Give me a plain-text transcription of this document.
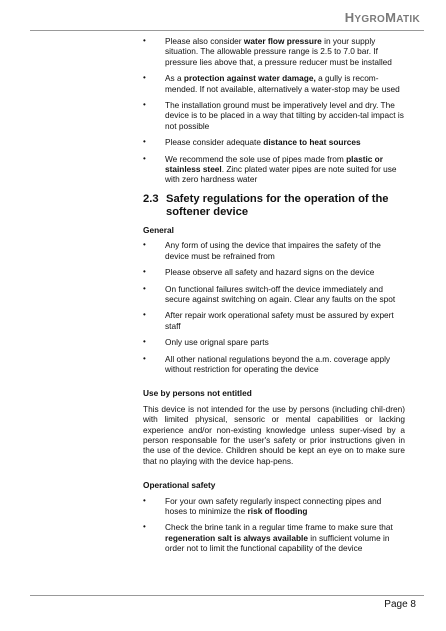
HYGROMATIK
• Please also consider water flow pressure in your supply situation. The allowable pressure range is 2.5 to 7.0 bar. If pressure lies above that, a pressure reducer must be installed
• As a protection against water damage, a gully is recom-mended. If not available, alternatively a water-stop may be used
• The installation ground must be imperatively level and dry. The device is to be placed in a way that tilting by acciden-tal impact is not possible
• Please consider adequate distance to heat sources
• We recommend the sole use of pipes made from plastic or stainless steel. Zinc plated water pipes are note suited for use with zero hardness water
2.3 Safety regulations for the operation of the softener device
General
• Any form of using the device that impaires the safety of the device must be refrained from
• Please observe all safety and hazard signs on the device
• On functional failures switch-off the device immediately and secure against switching on again. Clear any faults on the spot
• After repair work operational safety must be assured by expert staff
• Only use orignal spare parts
• All other national regulations beyond the a.m. coverage apply without restriction for operating the device
Use by persons not entitled

This device is not intended for the use by persons (including chil-dren) with limited physical, sensoric or mental capabilities or lacking experience and/or non-existing knowledge unless super-vised by a person responsable for the user's safety or prior instructions given in the use of the device. Children should be kept an eye on to make sure that no playing with the device hap-pens.

Operational safety
• For your own safety regularly inspect connecting pipes and hoses to minimize the risk of flooding
• Check the brine tank in a regular time frame to make sure that regeneration salt is always available in sufficient volume in order not to limit the functional capability of the device
Page 8
